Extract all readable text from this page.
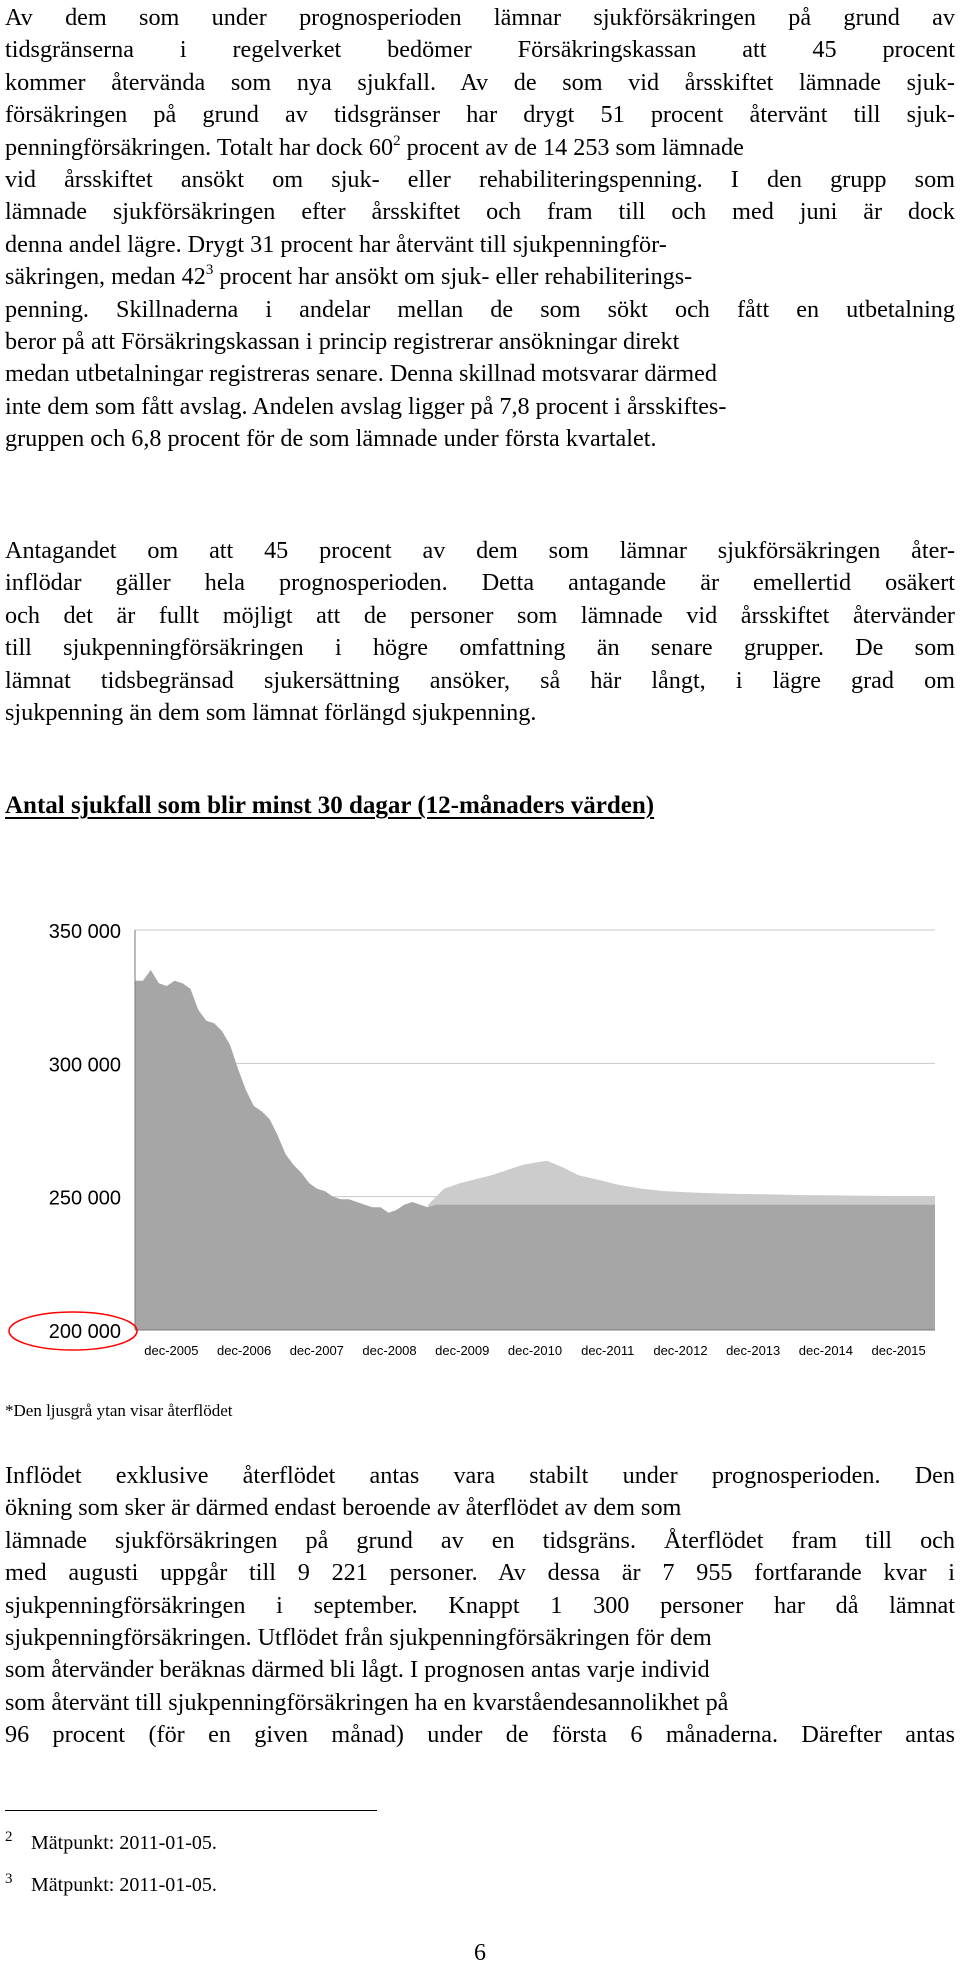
Av dem som under prognosperioden lämnar sjukförsäkringen på grund av
tidsgränserna i regelverket bedömer Försäkringskassan att 45 procent
kommer återvända som nya sjukfall. Av de som vid årsskiftet lämnade sjuk-
försäkringen på grund av tidsgränser har drygt 51 procent återvänt till sjuk-
penningförsäkringen. Totalt har dock $60^2$ procent av de 14 253 som lämnade
vid årsskiftet ansökt om sjuk- eller rehabiliteringspenning. I den grupp som
lämnade sjukförsäkringen efter årsskiftet och fram till och med juni är dock
denna andel lägre. Drygt 31 procent har återvänt till sjukpenningför-
säkringen, medan $42^3$ procent har ansökt om sjuk- eller rehabiliterings-
penning. Skillnaderna i andelar mellan de som sökt och fått en utbetalning
beror på att Försäkringskassan i princip registrerar ansökningar direkt
medan utbetalningar registreras senare. Denna skillnad motsvarar därmed
inte dem som fått avslag. Andelen avslag ligger på 7,8 procent i årsskiftes-
gruppen och 6,8 procent för de som lämnade under första kvartalet.

Antagandet om att 45 procent av dem som lämnar sjukförsäkringen åter-
inflödar gäller hela prognosperioden. Detta antagande är emellertid osäkert
och det är fullt möjligt att de personer som lämnade vid årsskiftet återvänder
till sjukpenningförsäkringen i högre omfattning än senare grupper. De som
lämnat tidsbegränsad sjukersättning ansöker, så här långt, i lägre grad om
sjukpenning än dem som lämnat förlängd sjukpenning.

Antal sjukfall som blir minst 30 dagar (12-månaders värden)
350 000
300 000
250 000
200 000
dec-2005 dec-2006 dec-2007 dec-2008 dec-2009 dec-2010 dec-2011 dec-2012 dec-2013 dec-2014 dec-2015

*Den ljusgrå ytan visar återflödet

Inflödet exklusive återflödet antas vara stabilt under prognosperioden. Den
ökning som sker är därmed endast beroende av återflödet av dem som
lämnade sjukförsäkringen på grund av en tidsgräns. Återflödet fram till och
med augusti uppgår till 9 221 personer. Av dessa är 7 955 fortfarande kvar i
sjukpenningförsäkringen i september. Knappt 1 300 personer har då lämnat
sjukpenningförsäkringen. Utflödet från sjukpenningförsäkringen för dem
som återvänder beräknas därmed bli lågt. I prognosen antas varje individ
som återvänt till sjukpenningförsäkringen ha en kvarståendesannolikhet på
96 procent (för en given månad) under de första 6 månaderna. Därefter antas

2 Mätpunkt: 2011-01-05.

3 Mätpunkt: 2011-01-05.

6
